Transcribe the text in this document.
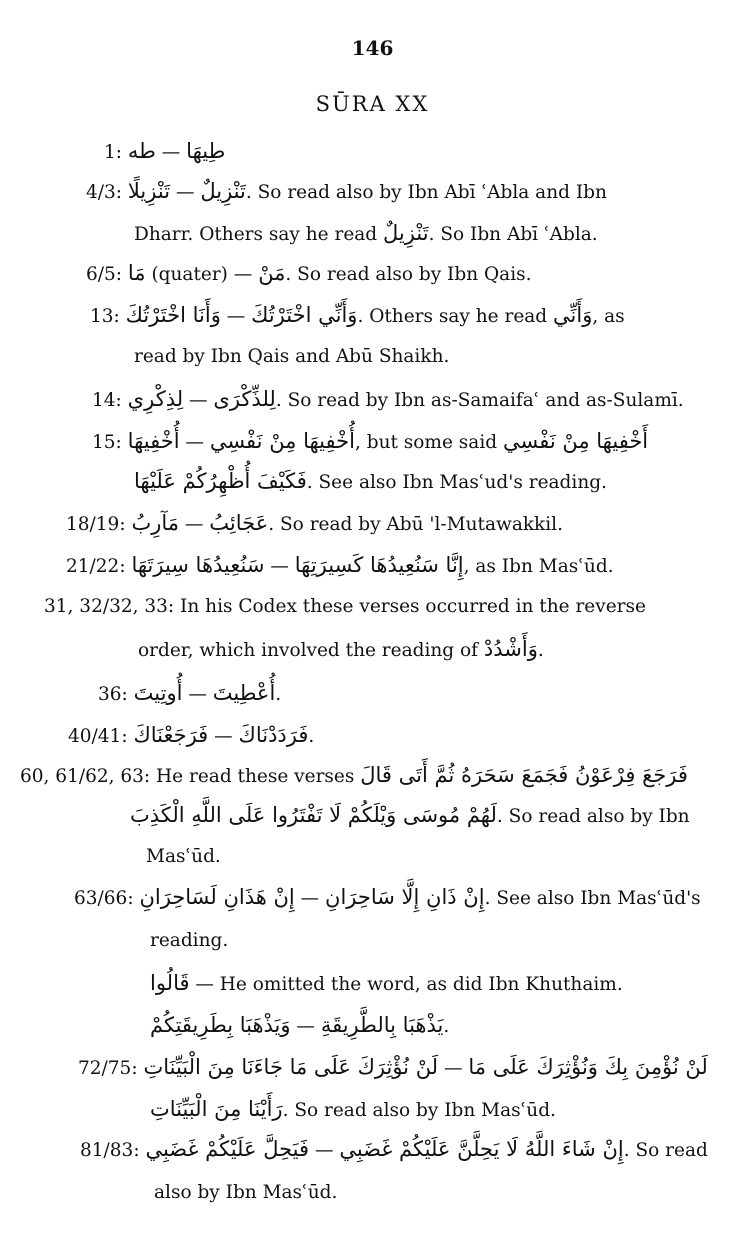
146
SŪRA XX
1: طه — طِيهَا
4/3: تَنْزِيلًا — تَنْزِيلٌ. So read also by Ibn Abī ʿAbla and Ibn
Dharr. Others say he read تَنْزِيلٌ. So Ibn Abī ʿAbla.
6/5: مَا (quater) — مَنْ. So read also by Ibn Qais.
13: وَأَنَا اخْتَرْتُكَ — وَأَنِّي اخْتَرْتُكَ. Others say he read وَأَنِّي, as
read by Ibn Qais and Abū Shaikh.
14: لِذِكْرِي — لِلذِّكْرَى. So read by Ibn as-Samaifaʿ and as-Sulamī.
15: أُخْفِيهَا — أُخْفِيهَا مِنْ نَفْسِي, but some said أَخْفِيهَا مِنْ نَفْسِي
فَكَيْفَ أُظْهِرُكُمْ عَلَيْهَا. See also Ibn Masʿud's reading.
18/19: مَآرِبُ — عَجَائِبُ. So read by Abū 'l-Mutawakkil.
21/22: سَنُعِيدُهَا سِيرَتَهَا — إِنَّا سَنُعِيدُهَا كَسِيرَتِهَا, as Ibn Masʿūd.
31, 32/32, 33: In his Codex these verses occurred in the reverse
order, which involved the reading of وَأَشْدُدْ.
36: أُوتِيتَ — أُعْطِيتَ.
40/41: فَرَجَعْنَاكَ — فَرَدَدْنَاكَ.
60, 61/62, 63: He read these verses فَرَجَعَ فِرْعَوْنُ فَجَمَعَ سَحَرَهُ ثُمَّ أَتَى قَالَ
لَهُمْ مُوسَى وَيْلَكُمْ لَا تَفْتَرُوا عَلَى اللَّهِ الْكَذِبَ. So read also by Ibn
Masʿūd.
63/66: إِنْ هَذَانِ لَسَاحِرَانِ — إِنْ ذَانِ إِلَّا سَاحِرَانِ. See also Ibn Masʿūd's
reading.
قَالُوا — He omitted the word, as did Ibn Khuthaim.
وَيَذْهَبَا بِطَرِيقَتِكُمْ — يَذْهَبَا بِالطَّرِيقَةِ.
72/75: لَنْ نُؤْثِرَكَ عَلَى مَا جَاءَنَا مِنَ الْبَيِّنَاتِ — لَنْ نُؤْمِنَ بِكَ وَنُؤْثِرَكَ عَلَى مَا
رَأَيْنَا مِنَ الْبَيِّنَاتِ. So read also by Ibn Masʿūd.
81/83: فَيَحِلَّ عَلَيْكُمْ غَضَبِي — إِنْ شَاءَ اللَّهُ لَا يَحِلَّنَّ عَلَيْكُمْ غَضَبِي. So read
also by Ibn Masʿūd.
